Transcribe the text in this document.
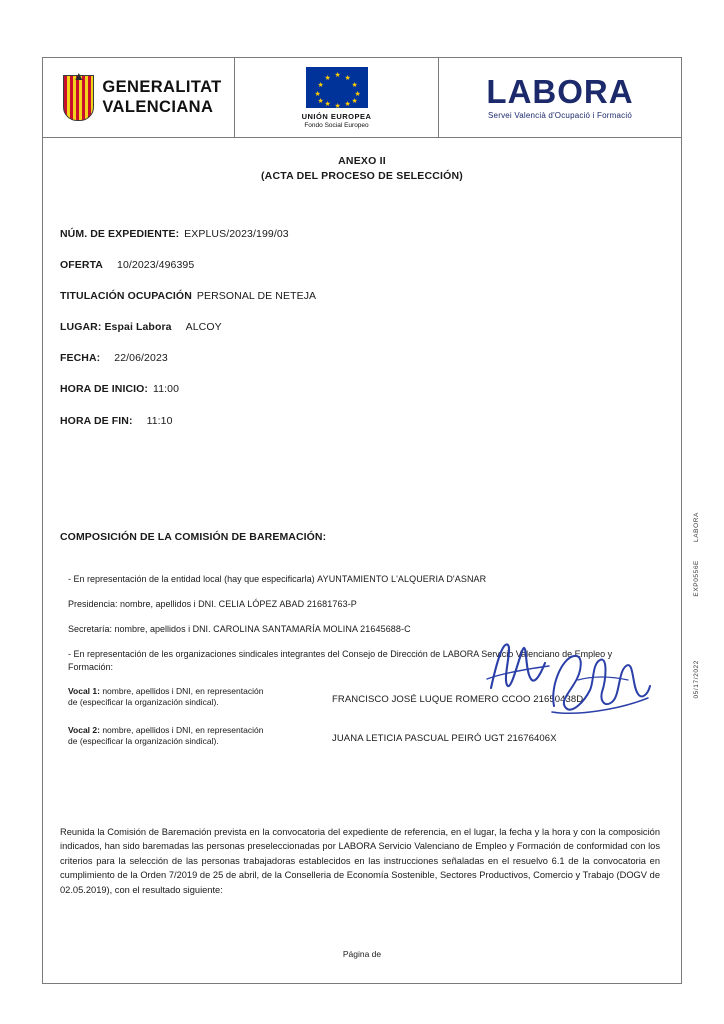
▲
GENERALITAT
VALENCIANA
★ ★
★
★
★
★
★
★
★
★
★
★
UNIÓN EUROPEA
Fondo Social Europeo
LABORA
Servei Valencià d'Ocupació i Formació
ANEXO II
(ACTA DEL PROCESO DE SELECCIÓN)
NÚM. DE EXPEDIENTE: EXPLUS/2023/199/03
OFERTA 10/2023/496395
TITULACIÓN OCUPACIÓN PERSONAL DE NETEJA
LUGAR: Espai Labora ALCOY
FECHA: 22/06/2023
HORA DE INICIO: 11:00
HORA DE FIN: 11:10
COMPOSICIÓN DE LA COMISIÓN DE BAREMACIÓN:
- En representación de la entidad local (hay que especificarla) AYUNTAMIENTO L'ALQUERIA D'ASNAR
Presidencia: nombre, apellidos i DNI. CELIA LÓPEZ ABAD 21681763-P
Secretaría: nombre, apellidos i DNI. CAROLINA SANTAMARÍA MOLINA 21645688-C
- En representación de les organizaciones sindicales integrantes del Consejo de Dirección de LABORA Servicio Valenciano de Empleo y Formación:
Vocal 1: nombre, apellidos i DNI, en representación
de (especificar la organización sindical).	FRANCISCO JOSÉ LUQUE ROMERO CCOO 21650438D
Vocal 2: nombre, apellidos i DNI, en representación
de (especificar la organización sindical).	JUANA LETICIA PASCUAL PEIRÓ UGT 21676406X
Reunida la Comisión de Baremación prevista en la convocatoria del expediente de referencia, en el lugar, la fecha y la hora y con la composición indicados, han sido baremadas las personas preseleccionadas por LABORA Servicio Valenciano de Empleo y Formación de conformidad con los criterios para la selección de las personas trabajadoras establecidos en las instrucciones señaladas en el resuelvo 6.1 de la convocatoria en cumplimiento de la Orden 7/2019 de 25 de abril, de la Conselleria de Economía Sostenible, Sectores Productivos, Comercio y Trabajo (DOGV de 02.05.2019), con el resultado siguiente:
Página de
LABORA
EXP0556E
05/17/2022
